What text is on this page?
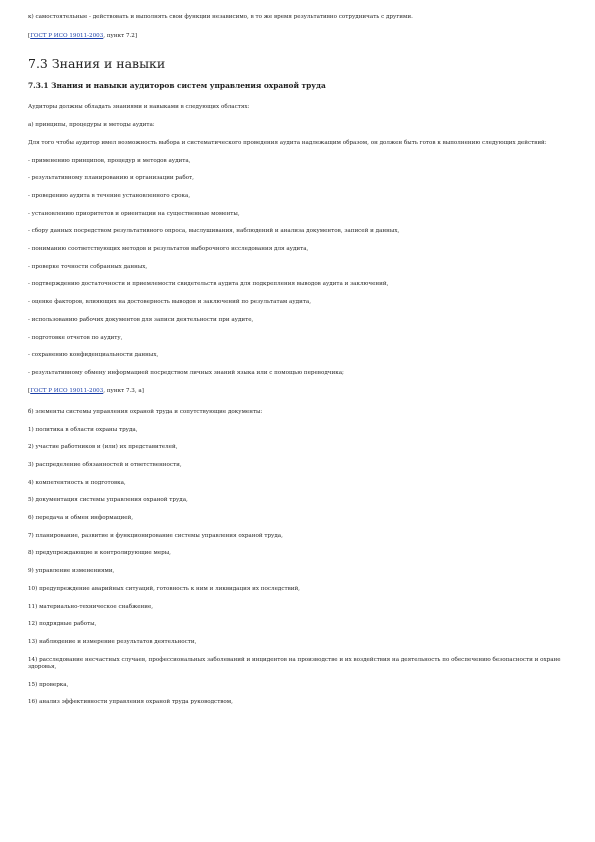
к) самостоятельные - действовать и выполнять свои функции независимо, в то же время результативно сотрудничать с другими.

[ГОСТ Р ИСО 19011-2003, пункт 7.2]

7.3 Знания и навыки
7.3.1 Знания и навыки аудиторов систем управления охраной труда

Аудиторы должны обладать знаниями и навыками в следующих областях:

а) принципы, процедуры и методы аудита:

Для того чтобы аудитор имел возможность выбора и систематического проведения аудита надлежащим образом, он должен быть готов к выполнению следующих действий:

- применению принципов, процедур и методов аудита,

- результативному планированию и организации работ,

- проведению аудита в течение установленного срока,

- установлению приоритетов и ориентации на существенные моменты,

- сбору данных посредством результативного опроса, выслушивания, наблюдений и анализа документов, записей и данных,

- пониманию соответствующих методов и результатов выборочного исследования для аудита,

- проверке точности собранных данных,

- подтверждению достаточности и приемлемости свидетельств аудита для подкрепления выводов аудита и заключений,

- оценке факторов, влияющих на достоверность выводов и заключений по результатам аудита,

- использованию рабочих документов для записи деятельности при аудите,

- подготовке отчетов по аудиту,

- сохранению конфиденциальности данных,

- результативному обмену информацией посредством личных знаний языка или с помощью переводчика;

[ГОСТ Р ИСО 19011-2003, пункт 7.3, а]

б) элементы системы управления охраной труда и сопутствующие документы:

1) политика в области охраны труда,

2) участие работников и (или) их представителей,

3) распределение обязанностей и ответственности,

4) компетентность и подготовка,

5) документация системы управления охраной труда,

6) передача и обмен информацией,

7) планирование, развитие и функционирование системы управления охраной труда,

8) предупреждающие и контролирующие меры,

9) управление изменениями,

10) предупреждение аварийных ситуаций, готовность к ним и ликвидация их последствий,

11) материально-техническое снабжение,

12) подрядные работы,

13) наблюдение и измерение результатов деятельности,

14) расследование несчастных случаев, профессиональных заболеваний и инцидентов на производстве и их воздействия на деятельность по обеспечению безопасности и охране здоровья,

15) проверка,

16) анализ эффективности управления охраной труда руководством,
